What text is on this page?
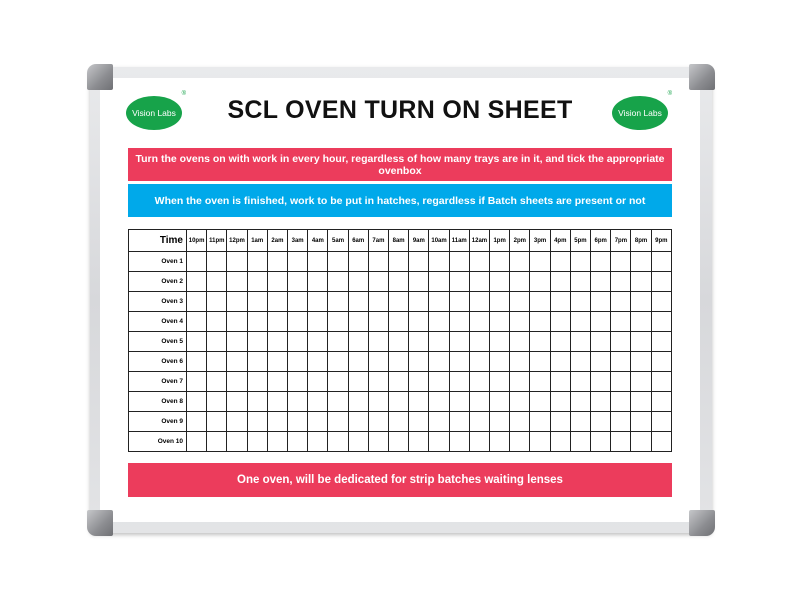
Vision Labs
®
SCL OVEN TURN ON SHEET	Vision Labs
®
Turn the ovens on with work in every hour, regardless of how many trays are in it, and tick the appropriate ovenbox
When the oven is finished, work to be put in hatches, regardless if Batch sheets are present or not
Time	10pm	11pm	12pm	1am	2am	3am	4am	5am	6am	7am	8am	9am	10am	11am	12am	1pm	2pm	3pm	4pm	5pm	6pm	7pm	8pm	9pm
Oven 1																								
Oven 2																								
Oven 3																								
Oven 4																								
Oven 5																								
Oven 6																								
Oven 7																								
Oven 8																								
Oven 9																								
Oven 10																								
One oven, will be dedicated for strip batches waiting lenses
